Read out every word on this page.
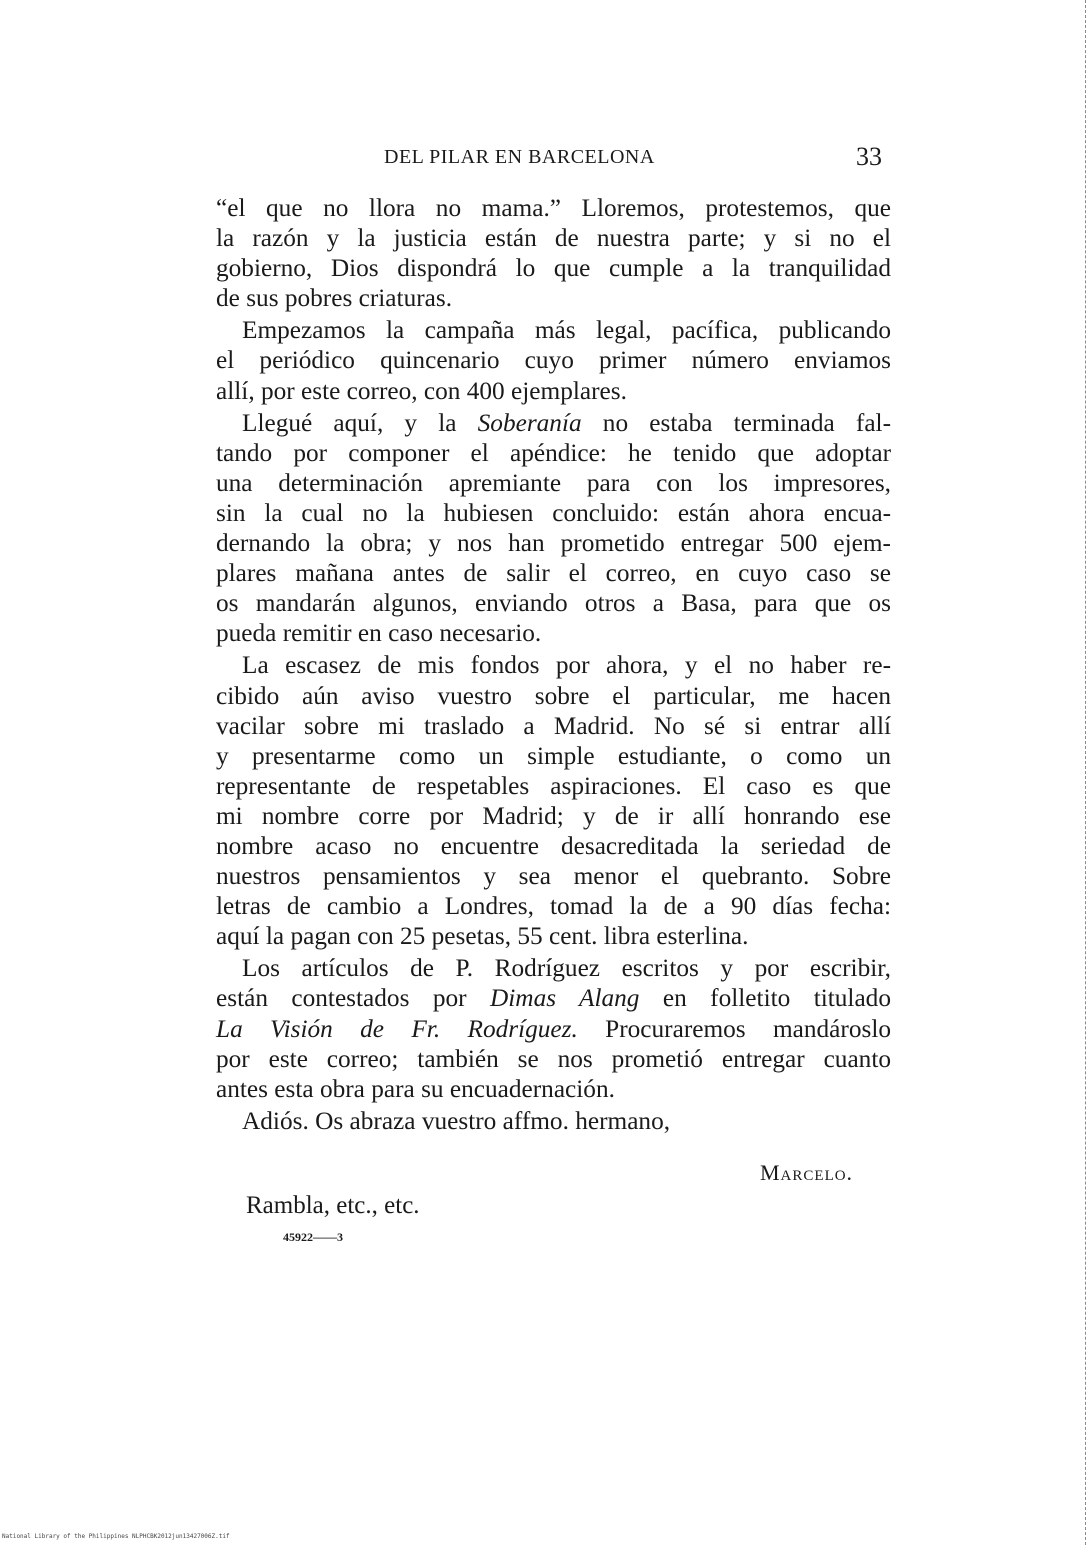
DEL PILAR EN BARCELONA	33

“el que no llora no mama.” Lloremos, protestemos, que
la razón y la justicia están de nuestra parte; y si no el
gobierno, Dios dispondrá lo que cumple a la tranquilidad
de sus pobres criaturas.

Empezamos la campaña más legal, pacífica, publicando
el periódico quincenario cuyo primer número enviamos
allí, por este correo, con 400 ejemplares.

Llegué aquí, y la Soberanía no estaba terminada fal-
tando por componer el apéndice: he tenido que adoptar
una determinación apremiante para con los impresores,
sin la cual no la hubiesen concluido: están ahora encua-
dernando la obra; y nos han prometido entregar 500 ejem-
plares mañana antes de salir el correo, en cuyo caso se
os mandarán algunos, enviando otros a Basa, para que os
pueda remitir en caso necesario.

La escasez de mis fondos por ahora, y el no haber re-
cibido aún aviso vuestro sobre el particular, me hacen
vacilar sobre mi traslado a Madrid. No sé si entrar allí
y presentarme como un simple estudiante, o como un
representante de respetables aspiraciones. El caso es que
mi nombre corre por Madrid; y de ir allí honrando ese
nombre acaso no encuentre desacreditada la seriedad de
nuestros pensamientos y sea menor el quebranto. Sobre
letras de cambio a Londres, tomad la de a 90 días fecha:
aquí la pagan con 25 pesetas, 55 cent. libra esterlina.

Los artículos de P. Rodríguez escritos y por escribir,
están contestados por Dimas Alang en folletito titulado
La Visión de Fr. Rodríguez. Procuraremos mandároslo
por este correo; también se nos prometió entregar cuanto
antes esta obra para su encuadernación.

Adiós. Os abraza vuestro affmo. hermano,

Marcelo.
Rambla, etc., etc.
45922——3
National Library of the Philippines NLPHCBK2012jun13427006Z.tif
